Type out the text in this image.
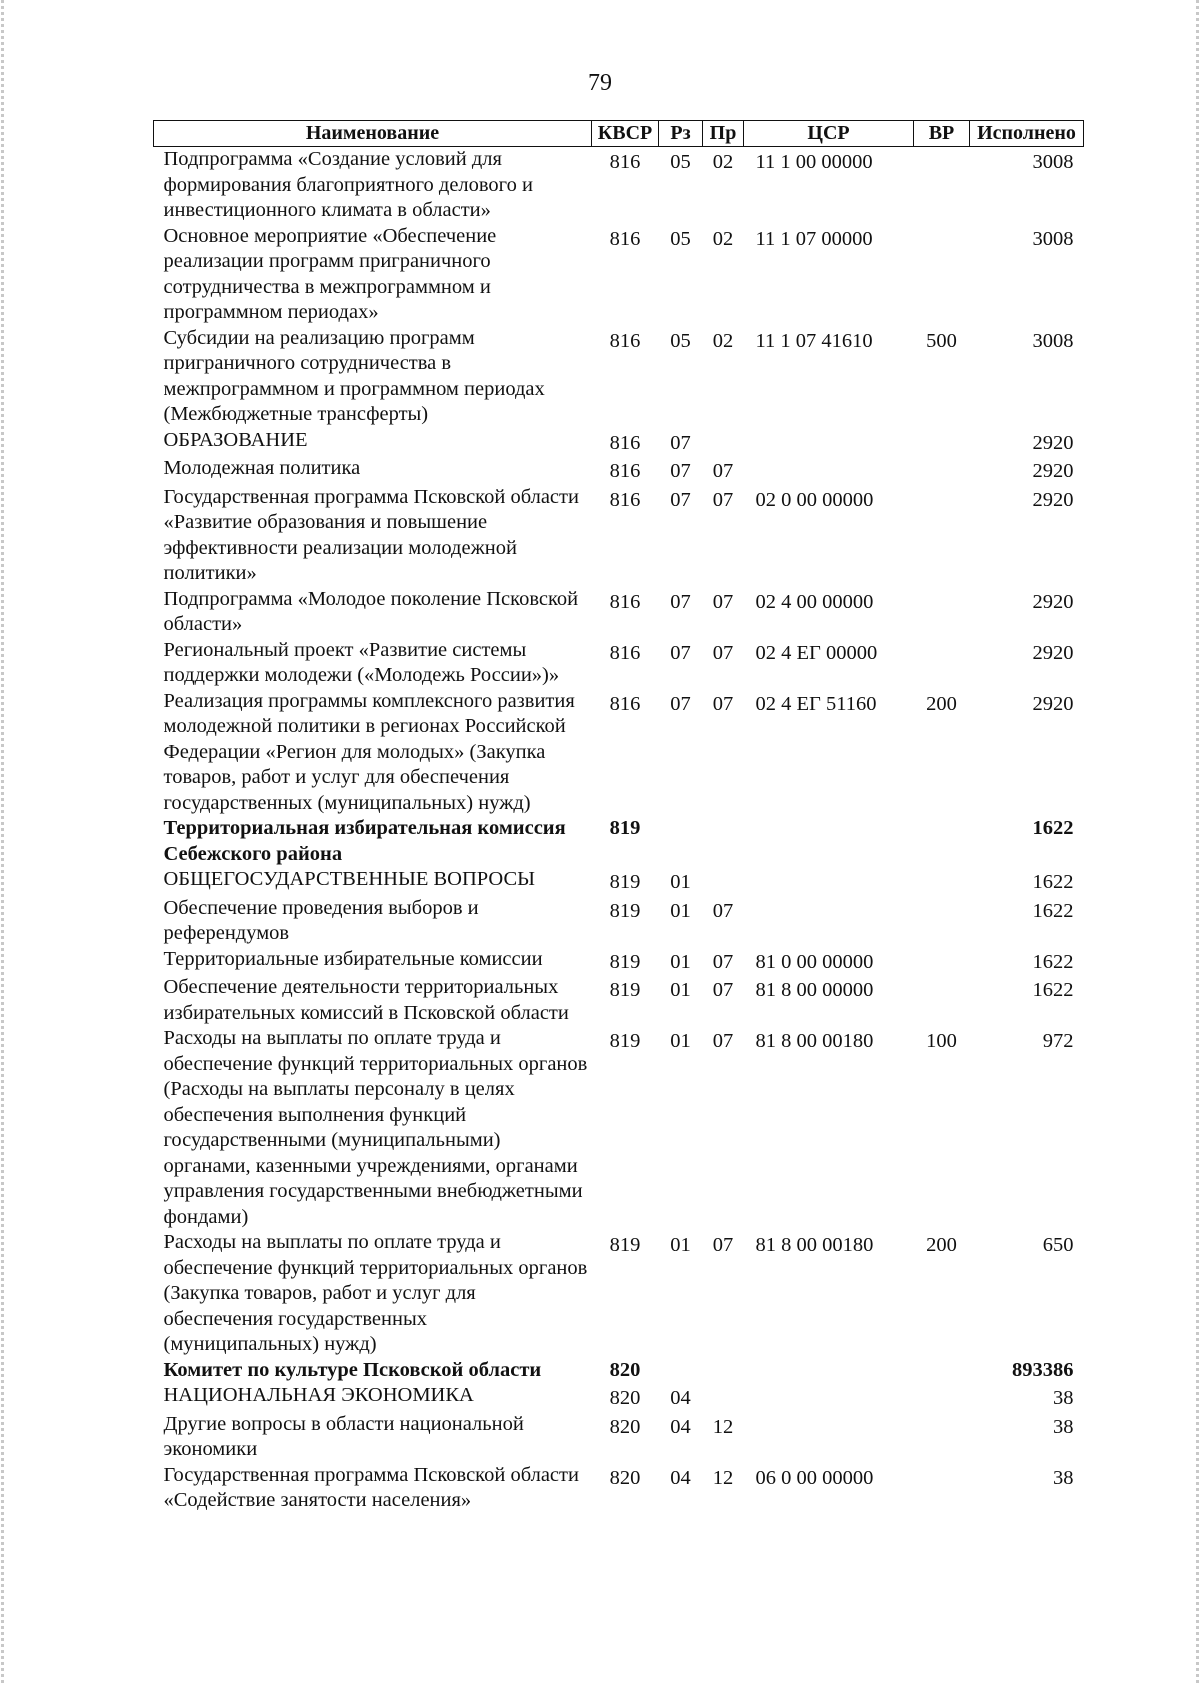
79
Наименование	КВСР	Рз	Пр	ЦСР	ВР	Исполнено
Подпрограмма «Создание условий для формирования благоприятного делового и инвестиционного климата в области»	816	05	02	11 1 00 00000		3008
Основное мероприятие «Обеспечение реализации программ приграничного сотрудничества в межпрограммном и программном периодах»	816	05	02	11 1 07 00000		3008
Субсидии на реализацию программ приграничного сотрудничества в межпрограммном и программном периодах (Межбюджетные трансферты)	816	05	02	11 1 07 41610	500	3008
ОБРАЗОВАНИЕ	816	07				2920
Молодежная политика	816	07	07			2920
Государственная программа Псковской области «Развитие образования и повышение эффективности реализации молодежной политики»	816	07	07	02 0 00 00000		2920
Подпрограмма «Молодое поколение Псковской области»	816	07	07	02 4 00 00000		2920
Региональный проект «Развитие системы поддержки молодежи («Молодежь России»)»	816	07	07	02 4 ЕГ 00000		2920
Реализация программы комплексного развития молодежной политики в регионах Российской Федерации «Регион для молодых» (Закупка товаров, работ и услуг для обеспечения государственных (муниципальных) нужд)	816	07	07	02 4 ЕГ 51160	200	2920
Территориальная избирательная комиссия Себежского района	819					1622
ОБЩЕГОСУДАРСТВЕННЫЕ ВОПРОСЫ	819	01				1622
Обеспечение проведения выборов и референдумов	819	01	07			1622
Территориальные избирательные комиссии	819	01	07	81 0 00 00000		1622
Обеспечение деятельности территориальных избирательных комиссий в Псковской области	819	01	07	81 8 00 00000		1622
Расходы на выплаты по оплате труда и обеспечение функций территориальных органов (Расходы на выплаты персоналу в целях обеспечения выполнения функций государственными (муниципальными) органами, казенными учреждениями, органами управления государственными внебюджетными фондами)	819	01	07	81 8 00 00180	100	972
Расходы на выплаты по оплате труда и обеспечение функций территориальных органов (Закупка товаров, работ и услуг для обеспечения государственных (муниципальных) нужд)	819	01	07	81 8 00 00180	200	650
Комитет по культуре Псковской области	820					893386
НАЦИОНАЛЬНАЯ ЭКОНОМИКА	820	04				38
Другие вопросы в области национальной экономики	820	04	12			38
Государственная программа Псковской области «Содействие занятости населения»	820	04	12	06 0 00 00000		38
